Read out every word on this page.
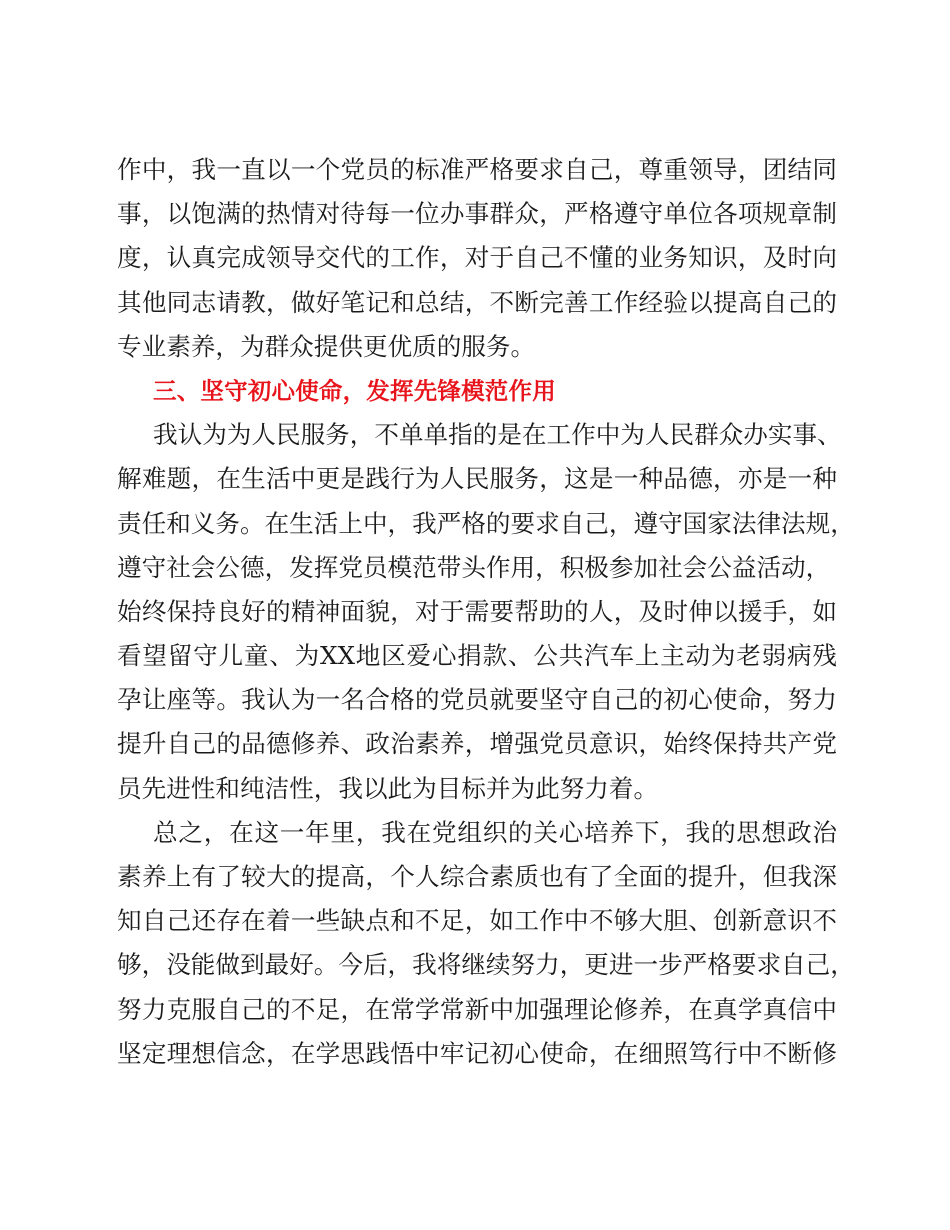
作中，我一直以一个党员的标准严格要求自己，尊重领导，团结同
事，以饱满的热情对待每一位办事群众，严格遵守单位各项规章制
度，认真完成领导交代的工作，对于自己不懂的业务知识，及时向
其他同志请教，做好笔记和总结，不断完善工作经验以提高自己的
专业素养，为群众提供更优质的服务。
三、坚守初心使命，发挥先锋模范作用
我认为为人民服务，不单单指的是在工作中为人民群众办实事、
解难题，在生活中更是践行为人民服务，这是一种品德，亦是一种
责任和义务。在生活上中，我严格的要求自己，遵守国家法律法规，
遵守社会公德，发挥党员模范带头作用，积极参加社会公益活动，
始终保持良好的精神面貌，对于需要帮助的人，及时伸以援手，如
看望留守儿童、为XX地区爱心捐款、公共汽车上主动为老弱病残
孕让座等。我认为一名合格的党员就要坚守自己的初心使命，努力
提升自己的品德修养、政治素养，增强党员意识，始终保持共产党
员先进性和纯洁性，我以此为目标并为此努力着。
总之，在这一年里，我在党组织的关心培养下，我的思想政治
素养上有了较大的提高，个人综合素质也有了全面的提升，但我深
知自己还存在着一些缺点和不足，如工作中不够大胆、创新意识不
够，没能做到最好。今后，我将继续努力，更进一步严格要求自己，
努力克服自己的不足，在常学常新中加强理论修养，在真学真信中
坚定理想信念，在学思践悟中牢记初心使命，在细照笃行中不断修
